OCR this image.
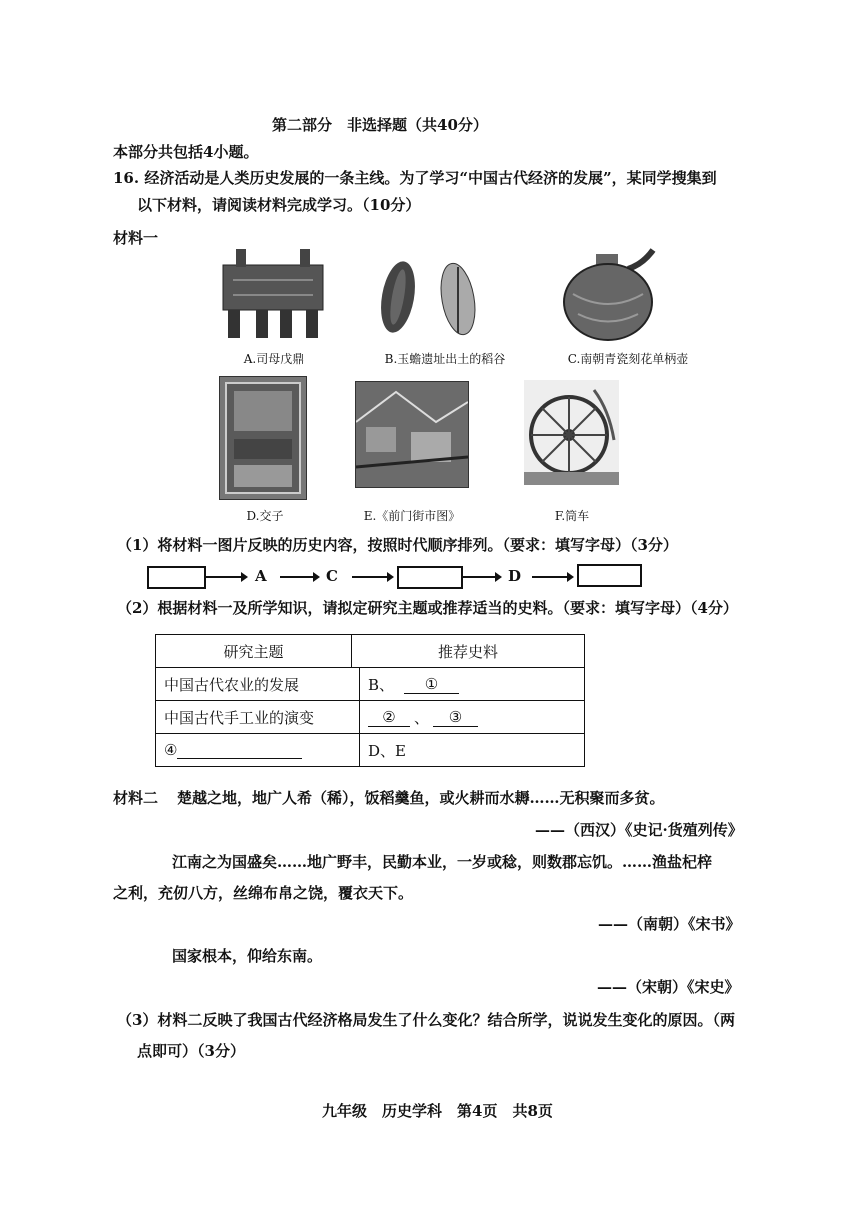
第二部分　非选择题（共40分）
本部分共包括4小题。
16. 经济活动是人类历史发展的一条主线。为了学习“中国古代经济的发展”，某同学搜集到
以下材料，请阅读材料完成学习。（10分）
材料一
A.司母戊鼎	B.玉蟾遗址出土的稻谷	C.南朝青瓷刻花单柄壶
D.交子	E.《前门街市图》	F.筒车
（1）将材料一图片反映的历史内容，按照时代顺序排列。（要求：填写字母）（3分）
A	C	D
（2）根据材料一及所学知识，请拟定研究主题或推荐适当的史料。（要求：填写字母）（4分）
研究主题	推荐史料
中国古代农业的发展	B、	①
中国古代手工业的演变	②	、	③
④	D、E
材料二 楚越之地，地广人希（稀），饭稻羹鱼，或火耕而水耨……无积聚而多贫。
——（西汉）《史记·货殖列传》
江南之为国盛矣……地广野丰，民勤本业，一岁或稔，则数郡忘饥。……渔盐杞梓
之利，充仞八方，丝绵布帛之饶，覆衣天下。
——（南朝）《宋书》
国家根本，仰给东南。
——（宋朝）《宋史》
（3）材料二反映了我国古代经济格局发生了什么变化？结合所学，说说发生变化的原因。（两
点即可）（3分）
九年级　历史学科　第4页　共8页
